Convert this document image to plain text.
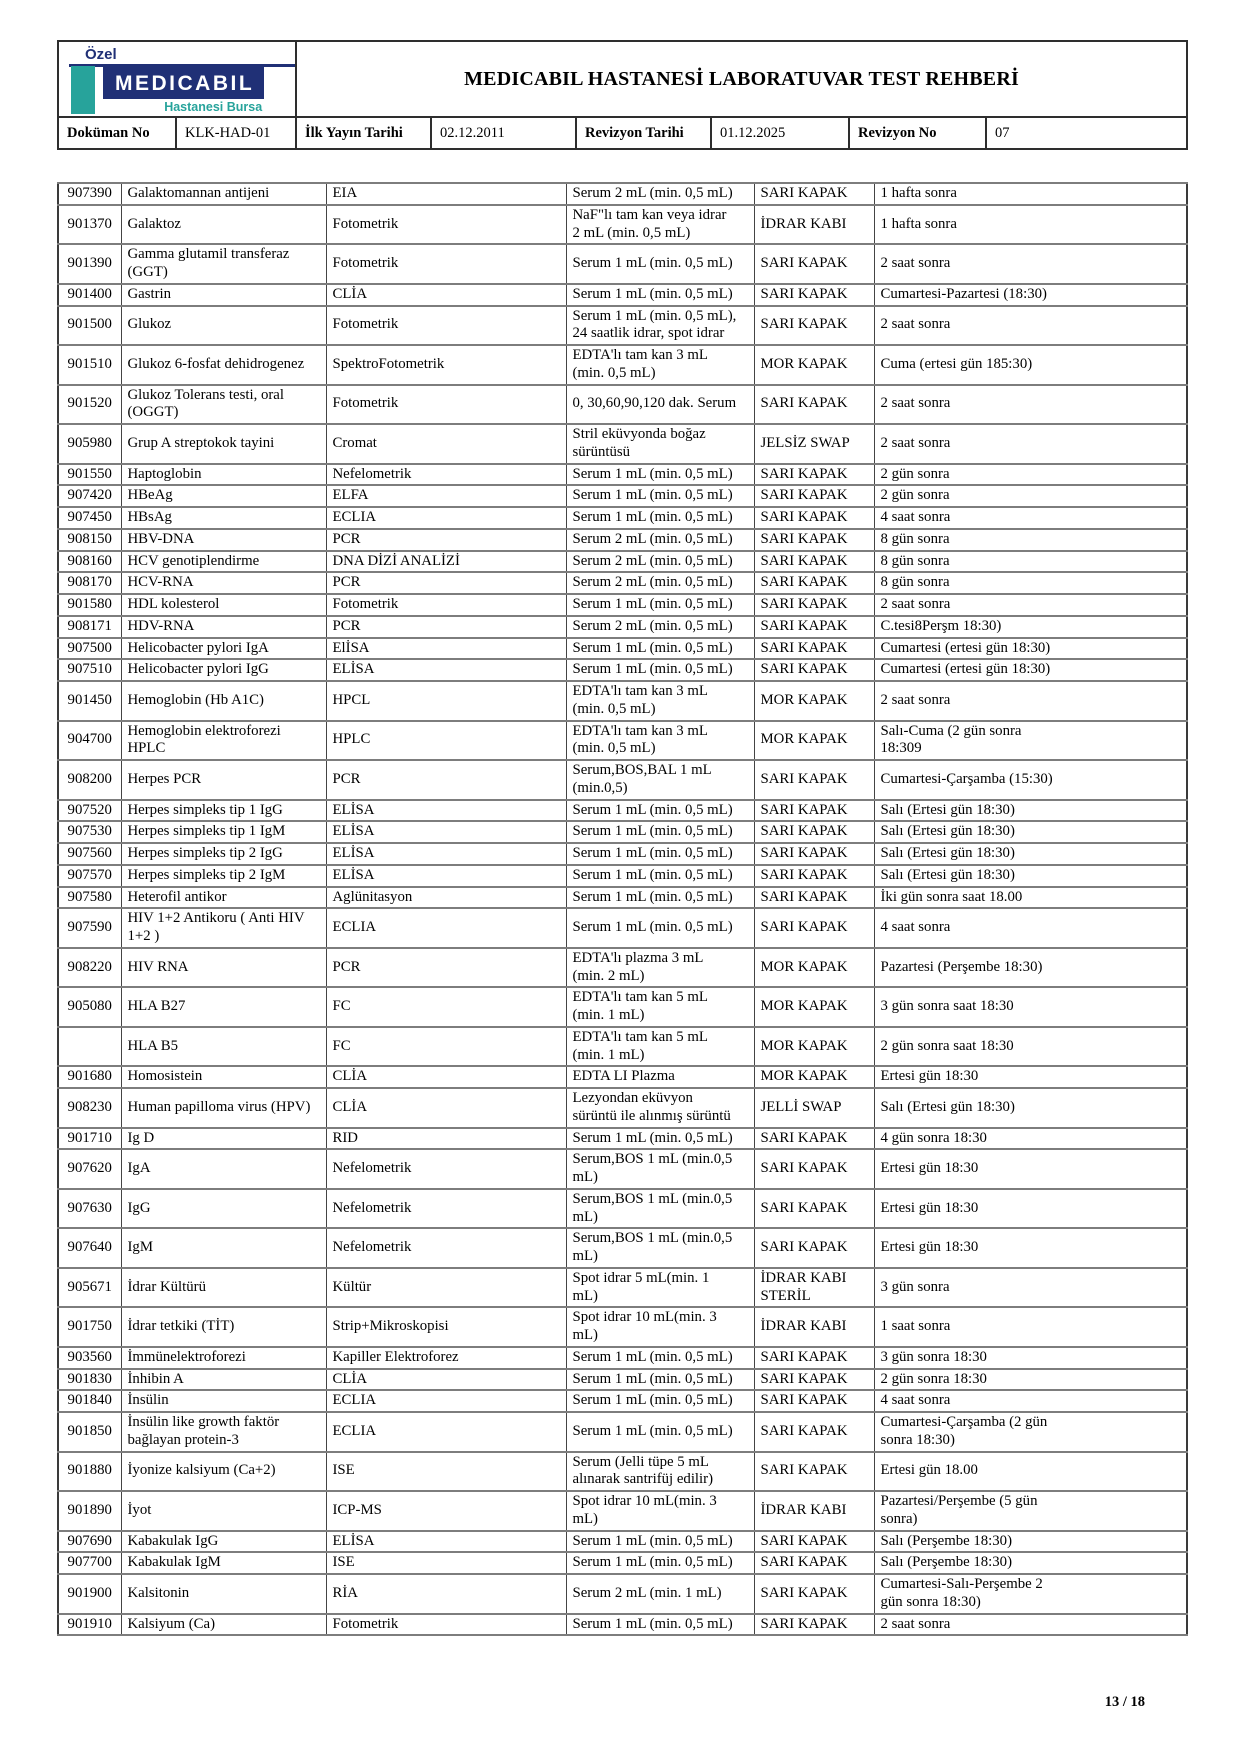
Özel
MEDICABIL
Hastanesi Bursa		MEDICABIL HASTANESİ LABORATUVAR TEST REHBERİ					
Doküman No	KLK-HAD-01	İlk Yayın Tarihi	02.12.2011	Revizyon Tarihi	01.12.2025	Revizyon No	07
907390	Galaktomannan antijeni	EIA	Serum 2 mL (min. 0,5 mL)	SARI KAPAK	1 hafta sonra
901370	Galaktoz	Fotometrik	NaF"lı tam kan veya idrar 2 mL (min. 0,5 mL)	İDRAR KABI	1 hafta sonra
901390	Gamma glutamil transferaz (GGT)	Fotometrik	Serum 1 mL (min. 0,5 mL)	SARI KAPAK	2 saat sonra
901400	Gastrin	CLİA	Serum 1 mL (min. 0,5 mL)	SARI KAPAK	Cumartesi-Pazartesi (18:30)
901500	Glukoz	Fotometrik	Serum 1 mL (min. 0,5 mL), 24 saatlik idrar, spot idrar	SARI KAPAK	2 saat sonra
901510	Glukoz 6-fosfat dehidrogenez	SpektroFotometrik	EDTA'lı tam kan 3 mL (min. 0,5 mL)	MOR KAPAK	Cuma (ertesi gün 185:30)
901520	Glukoz Tolerans testi, oral (OGGT)	Fotometrik	0, 30,60,90,120 dak. Serum	SARI KAPAK	2 saat sonra
905980	Grup A streptokok tayini	Cromat	Stril eküvyonda boğaz sürüntüsü	JELSİZ SWAP	2 saat sonra
901550	Haptoglobin	Nefelometrik	Serum 1 mL (min. 0,5 mL)	SARI KAPAK	2 gün sonra
907420	HBeAg	ELFA	Serum 1 mL (min. 0,5 mL)	SARI KAPAK	2 gün sonra
907450	HBsAg	ECLIA	Serum 1 mL (min. 0,5 mL)	SARI KAPAK	4 saat sonra
908150	HBV-DNA	PCR	Serum 2 mL (min. 0,5 mL)	SARI KAPAK	8 gün sonra
908160	HCV genotiplendirme	DNA DİZİ ANALİZİ	Serum 2 mL (min. 0,5 mL)	SARI KAPAK	8 gün sonra
908170	HCV-RNA	PCR	Serum 2 mL (min. 0,5 mL)	SARI KAPAK	8 gün sonra
901580	HDL kolesterol	Fotometrik	Serum 1 mL (min. 0,5 mL)	SARI KAPAK	2 saat sonra
908171	HDV-RNA	PCR	Serum 2 mL (min. 0,5 mL)	SARI KAPAK	C.tesi8Perşm 18:30)
907500	Helicobacter pylori IgA	ElİSA	Serum 1 mL (min. 0,5 mL)	SARI KAPAK	Cumartesi (ertesi gün 18:30)
907510	Helicobacter pylori IgG	ELİSA	Serum 1 mL (min. 0,5 mL)	SARI KAPAK	Cumartesi (ertesi gün 18:30)
901450	Hemoglobin (Hb A1C)	HPCL	EDTA'lı tam kan 3 mL (min. 0,5 mL)	MOR KAPAK	2 saat sonra
904700	Hemoglobin elektroforezi HPLC	HPLC	EDTA'lı tam kan 3 mL (min. 0,5 mL)	MOR KAPAK	Salı-Cuma (2 gün sonra 18:309
908200	Herpes PCR	PCR	Serum,BOS,BAL 1 mL (min.0,5)	SARI KAPAK	Cumartesi-Çarşamba (15:30)
907520	Herpes simpleks tip 1 IgG	ELİSA	Serum 1 mL (min. 0,5 mL)	SARI KAPAK	Salı (Ertesi gün 18:30)
907530	Herpes simpleks tip 1 IgM	ELİSA	Serum 1 mL (min. 0,5 mL)	SARI KAPAK	Salı (Ertesi gün 18:30)
907560	Herpes simpleks tip 2 IgG	ELİSA	Serum 1 mL (min. 0,5 mL)	SARI KAPAK	Salı (Ertesi gün 18:30)
907570	Herpes simpleks tip 2 IgM	ELİSA	Serum 1 mL (min. 0,5 mL)	SARI KAPAK	Salı (Ertesi gün 18:30)
907580	Heterofil antikor	Aglünitasyon	Serum 1 mL (min. 0,5 mL)	SARI KAPAK	İki gün sonra saat 18.00
907590	HIV 1+2 Antikoru ( Anti HIV 1+2 )	ECLIA	Serum 1 mL (min. 0,5 mL)	SARI KAPAK	4 saat sonra
908220	HIV RNA	PCR	EDTA'lı plazma 3 mL (min. 2 mL)	MOR KAPAK	Pazartesi (Perşembe 18:30)
905080	HLA B27	FC	EDTA'lı tam kan 5 mL (min. 1 mL)	MOR KAPAK	3 gün sonra saat 18:30
	HLA B5	FC	EDTA'lı tam kan 5 mL (min. 1 mL)	MOR KAPAK	2 gün sonra saat 18:30
901680	Homosistein	CLİA	EDTA LI Plazma	MOR KAPAK	Ertesi gün 18:30
908230	Human papilloma virus (HPV)	CLİA	Lezyondan eküvyon sürüntü ile alınmış sürüntü	JELLİ SWAP	Salı (Ertesi gün 18:30)
901710	Ig D	RID	Serum 1 mL (min. 0,5 mL)	SARI KAPAK	4 gün sonra 18:30
907620	IgA	Nefelometrik	Serum,BOS 1 mL (min.0,5 mL)	SARI KAPAK	Ertesi gün 18:30
907630	IgG	Nefelometrik	Serum,BOS 1 mL (min.0,5 mL)	SARI KAPAK	Ertesi gün 18:30
907640	IgM	Nefelometrik	Serum,BOS 1 mL (min.0,5 mL)	SARI KAPAK	Ertesi gün 18:30
905671	İdrar Kültürü	Kültür	Spot idrar 5 mL(min. 1 mL)	İDRAR KABI STERİL	3 gün sonra
901750	İdrar tetkiki (TİT)	Strip+Mikroskopisi	Spot idrar 10 mL(min. 3 mL)	İDRAR KABI	1 saat sonra
903560	İmmünelektroforezi	Kapiller Elektroforez	Serum 1 mL (min. 0,5 mL)	SARI KAPAK	3 gün sonra 18:30
901830	İnhibin A	CLİA	Serum 1 mL (min. 0,5 mL)	SARI KAPAK	2 gün sonra 18:30
901840	İnsülin	ECLIA	Serum 1 mL (min. 0,5 mL)	SARI KAPAK	4 saat sonra
901850	İnsülin like growth faktör bağlayan protein-3	ECLIA	Serum 1 mL (min. 0,5 mL)	SARI KAPAK	Cumartesi-Çarşamba (2 gün sonra 18:30)
901880	İyonize kalsiyum (Ca+2)	ISE	Serum (Jelli tüpe 5 mL alınarak santrifüj edilir)	SARI KAPAK	Ertesi gün 18.00
901890	İyot	ICP-MS	Spot idrar 10 mL(min. 3 mL)	İDRAR KABI	Pazartesi/Perşembe (5 gün sonra)
907690	Kabakulak IgG	ELİSA	Serum 1 mL (min. 0,5 mL)	SARI KAPAK	Salı (Perşembe 18:30)
907700	Kabakulak IgM	ISE	Serum 1 mL (min. 0,5 mL)	SARI KAPAK	Salı (Perşembe 18:30)
901900	Kalsitonin	RİA	Serum 2 mL (min. 1 mL)	SARI KAPAK	Cumartesi-Salı-Perşembe 2 gün sonra 18:30)
901910	Kalsiyum (Ca)	Fotometrik	Serum 1 mL (min. 0,5 mL)	SARI KAPAK	2 saat sonra
13 / 18
